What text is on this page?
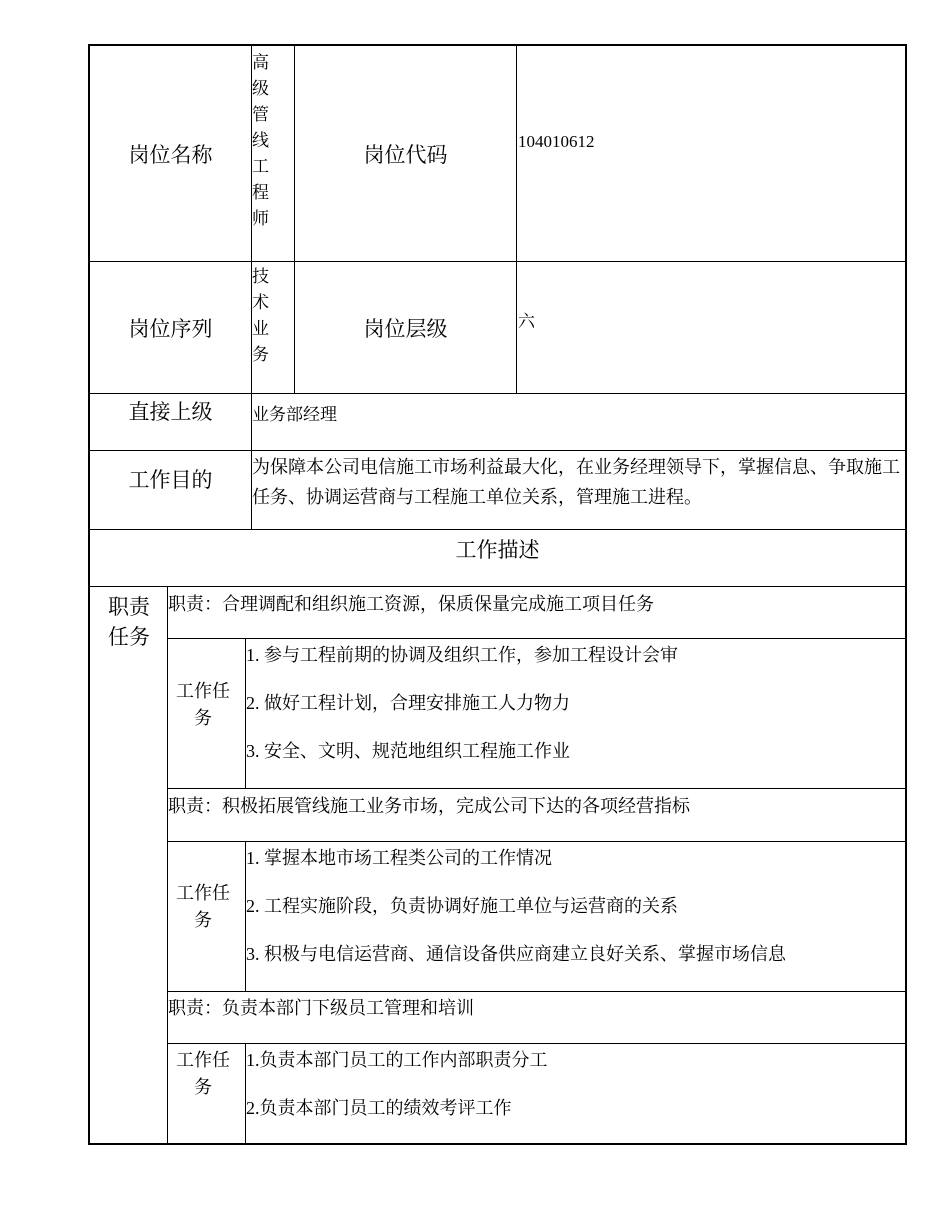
岗位名称
高级管线工程师
岗位代码
104010612
岗位序列
技术业务
岗位层级	六
直接上级	业务部经理
工作目的
为保障本公司电信施工市场利益最大化，在业务经理领导下，掌握信息、争取施工任务、协调运营商与工程施工单位关系，管理施工进程。
工作描述
职责任务
职责：合理调配和组织施工资源，保质保量完成施工项目任务
工作任务
1. 参与工程前期的协调及组织工作，参加工程设计会审
2. 做好工程计划，合理安排施工人力物力
3. 安全、文明、规范地组织工程施工作业
职责：积极拓展管线施工业务市场，完成公司下达的各项经营指标
工作任务
1. 掌握本地市场工程类公司的工作情况
2. 工程实施阶段，负责协调好施工单位与运营商的关系
3. 积极与电信运营商、通信设备供应商建立良好关系、掌握市场信息
职责：负责本部门下级员工管理和培训
工作任务
1.负责本部门员工的工作内部职责分工
2.负责本部门员工的绩效考评工作
